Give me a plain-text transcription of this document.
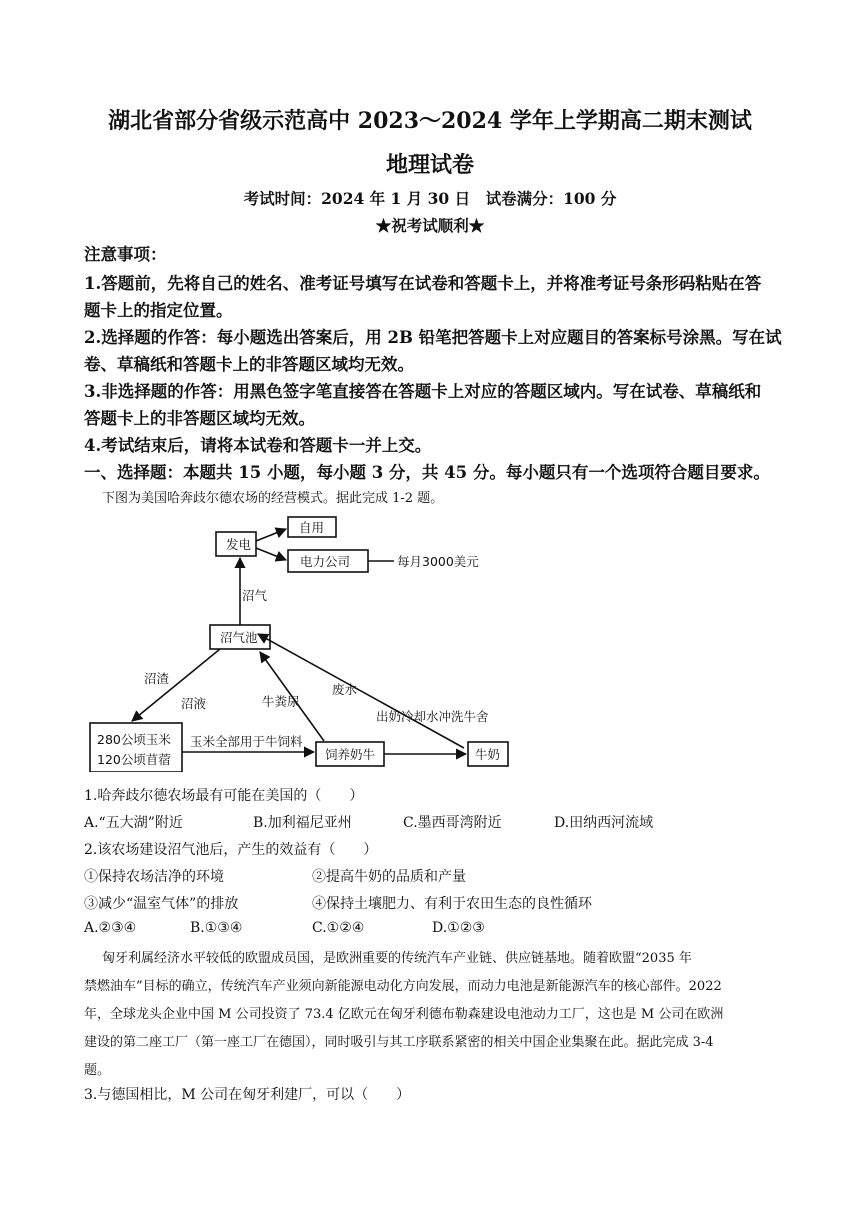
湖北省部分省级示范高中 2023～2024 学年上学期高二期末测试
地理试卷
考试时间：2024 年 1 月 30 日　试卷满分：100 分
★祝考试顺利★
注意事项：
1.答题前，先将自己的姓名、准考证号填写在试卷和答题卡上，并将准考证号条形码粘贴在答
题卡上的指定位置。
2.选择题的作答：每小题选出答案后，用 2B 铅笔把答题卡上对应题目的答案标号涂黑。写在试
卷、草稿纸和答题卡上的非答题区域均无效。
3.非选择题的作答：用黑色签字笔直接答在答题卡上对应的答题区域内。写在试卷、草稿纸和
答题卡上的非答题区域均无效。
4.考试结束后，请将本试卷和答题卡一并上交。
一、选择题：本题共 15 小题，每小题 3 分，共 45 分。每小题只有一个选项符合题目要求。
下图为美国哈奔歧尔德农场的经营模式。据此完成 1-2 题。
发电
自用
电力公司	每月3000美元
沼气
沼气池
沼渣
沼液	牛粪尿
废水
出奶冷却水冲洗牛舍
280公顷玉米
120公顷苜蓿
玉米全部用于牛饲料
饲养奶牛	牛奶
1.哈奔歧尔德农场最有可能在美国的（　　）
A.“五大湖”附近	B.加利福尼亚州	C.墨西哥湾附近	D.田纳西河流域
2.该农场建设沼气池后，产生的效益有（　　）
①保持农场洁净的环境	②提高牛奶的品质和产量
③减少“温室气体”的排放	④保持土壤肥力、有利于农田生态的良性循环
A.②③④	B.①③④	C.①②④	D.①②③
匈牙利属经济水平较低的欧盟成员国，是欧洲重要的传统汽车产业链、供应链基地。随着欧盟“2035 年
禁燃油车”目标的确立，传统汽车产业须向新能源电动化方向发展，而动力电池是新能源汽车的核心部件。2022
年，全球龙头企业中国 M 公司投资了 73.4 亿欧元在匈牙利德布勒森建设电池动力工厂，这也是 M 公司在欧洲
建设的第二座工厂（第一座工厂在德国），同时吸引与其工序联系紧密的相关中国企业集聚在此。据此完成 3-4
题。
3.与德国相比，M 公司在匈牙利建厂，可以（　　）
